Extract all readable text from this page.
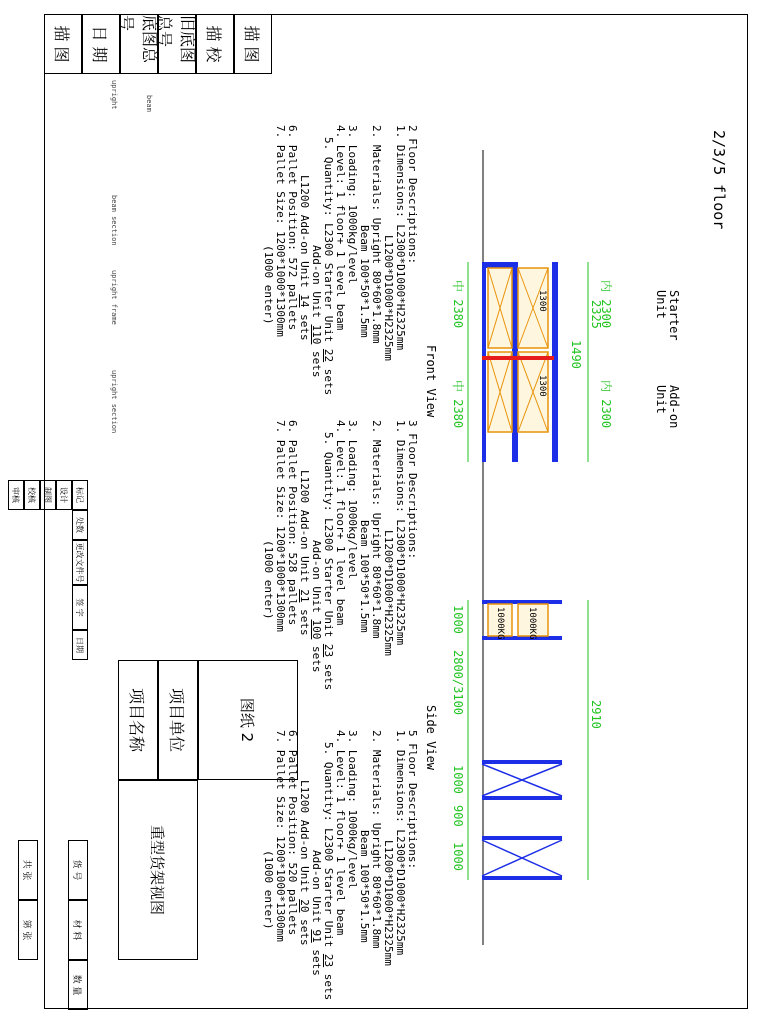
2325
1490
2910
中 2380
中 2380
内 2300
内 2300
1000
2800/3100
1000
900
1000
1300
1300
1000KG
1000KG
2/3/5 floor
Front View
Side View
Starter
Unit
Add-on
Unit
2 Floor Descriptions:
1. Dimensions: L2300*D1000*H2325mm
L1200*D1000*H2325mm
2. Materials: Upright 80*60*1.8mm
Beam 100*50*1.5mm
3. Loading: 1000kg/level
4. Level: 1 floor+ 1 level beam
5. Quantity: L2300 Starter Unit 22 sets
Add-on Unit 110 sets
L1200 Add-on Unit 14 sets
6. Pallet Position: 572 pallets
7. Pallet Size: 1200*1000*1300mm
(1000 enter)
3 Floor Descriptions:
1. Dimensions: L2300*D1000*H2325mm
L1200*D1000*H2325mm
2. Materials: Upright 80*60*1.8mm
Beam 100*50*1.5mm
3. Loading: 1000kg/level
4. Level: 1 floor+ 1 level beam
5. Quantity: L2300 Starter Unit 23 sets
Add-on Unit 100 sets
L1200 Add-on Unit 21 sets
6. Pallet Position: 528 pallets
7. Pallet Size: 1200*1000*1300mm
(1000 enter)
5 Floor Descriptions:
1. Dimensions: L2300*D1000*H2325mm
L1200*D1000*H2325mm
2. Materials: Upright 80*60*1.8mm
Beam 100*50*1.5mm
3. Loading: 1000kg/level
4. Level: 1 floor+ 1 level beam
5. Quantity: L2300 Starter Unit 23 sets
Add-on Unit 91 sets
L1200 Add-on Unit 20 sets
6. Pallet Position: 520 pallets
7. Pallet Size: 1200*1000*1300mm
(1000 enter)
描 图	日 期	底图总号	旧底图总号	描 校	描 图
beam
upright
beam section
upright frame
upright section
项目名称	项目单位	图纸 2
重型货架视图
标记
处数
更改文件号
签 字
日期
设计
制图
校核
审核
货 号
材 料
数 量
共 张
第 张
